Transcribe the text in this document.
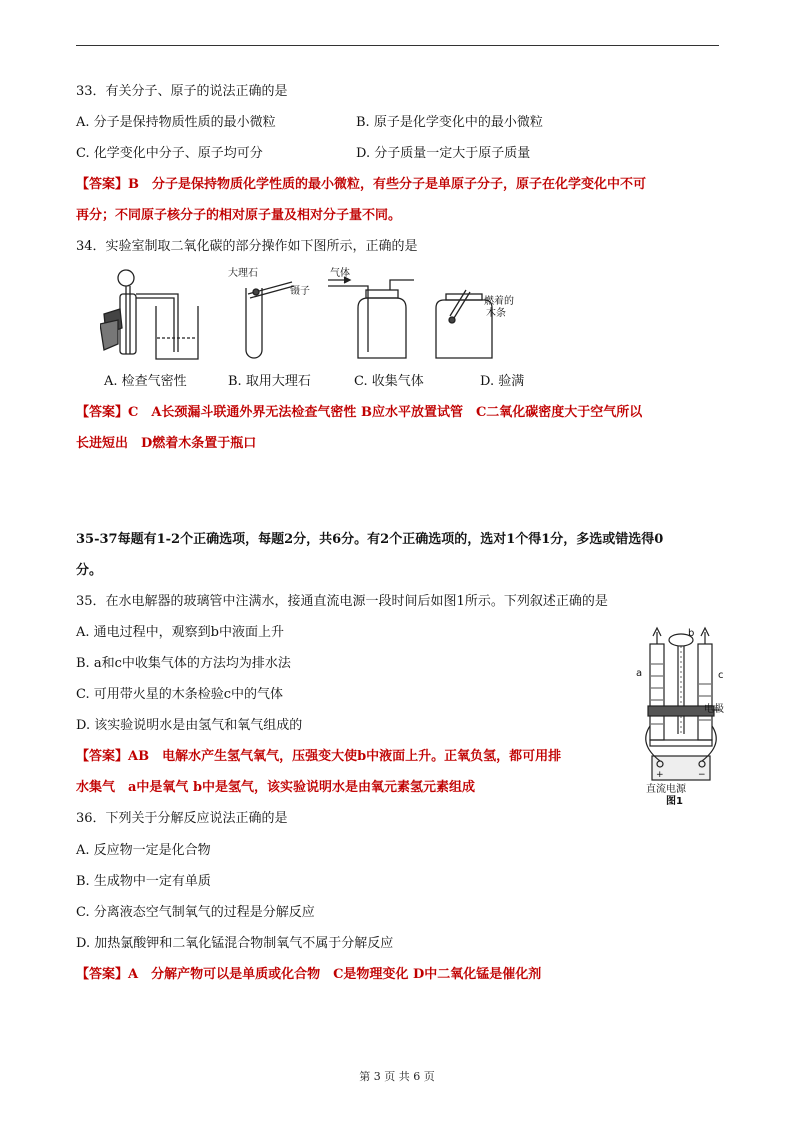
33．有关分子、原子的说法正确的是
A. 分子是保持物质性质的最小微粒	B. 原子是化学变化中的最小微粒
C. 化学变化中分子、原子均可分	D. 分子质量一定大于原子质量
【答案】B　分子是保持物质化学性质的最小微粒，有些分子是单原子分子，原子在化学变化中不可
再分；不同原子核分子的相对原子量及相对分子量不同。
34．实验室制取二氧化碳的部分操作如下图所示，正确的是
大理石
镊子
气体
燃着的
木条
A. 检查气密性	B. 取用大理石	C. 收集气体	D. 验满
【答案】C　A长颈漏斗联通外界无法检查气密性 B应水平放置试管　C二氧化碳密度大于空气所以
长进短出　D燃着木条置于瓶口
35-37每题有1-2个正确选项，每题2分，共6分。有2个正确选项的，选对1个得1分，多选或错选得0
分。
35．在水电解器的玻璃管中注满水，接通直流电源一段时间后如图1所示。下列叙述正确的是
A. 通电过程中，观察到b中液面上升
B. a和c中收集气体的方法均为排水法
C. 可用带火星的木条检验c中的气体
D. 该实验说明水是由氢气和氧气组成的
【答案】AB　电解水产生氢气氧气，压强变大使b中液面上升。正氧负氢，都可用排
水集气　a中是氧气 b中是氢气，该实验说明水是由氧元素氢元素组成
a
b
c
电极
+	−
直流电源
图1
36．下列关于分解反应说法正确的是
A. 反应物一定是化合物
B. 生成物中一定有单质
C. 分离液态空气制氧气的过程是分解反应
D. 加热氯酸钾和二氧化锰混合物制氧气不属于分解反应
【答案】A　分解产物可以是单质或化合物　C是物理变化 D中二氧化锰是催化剂
第 3 页 共 6 页
